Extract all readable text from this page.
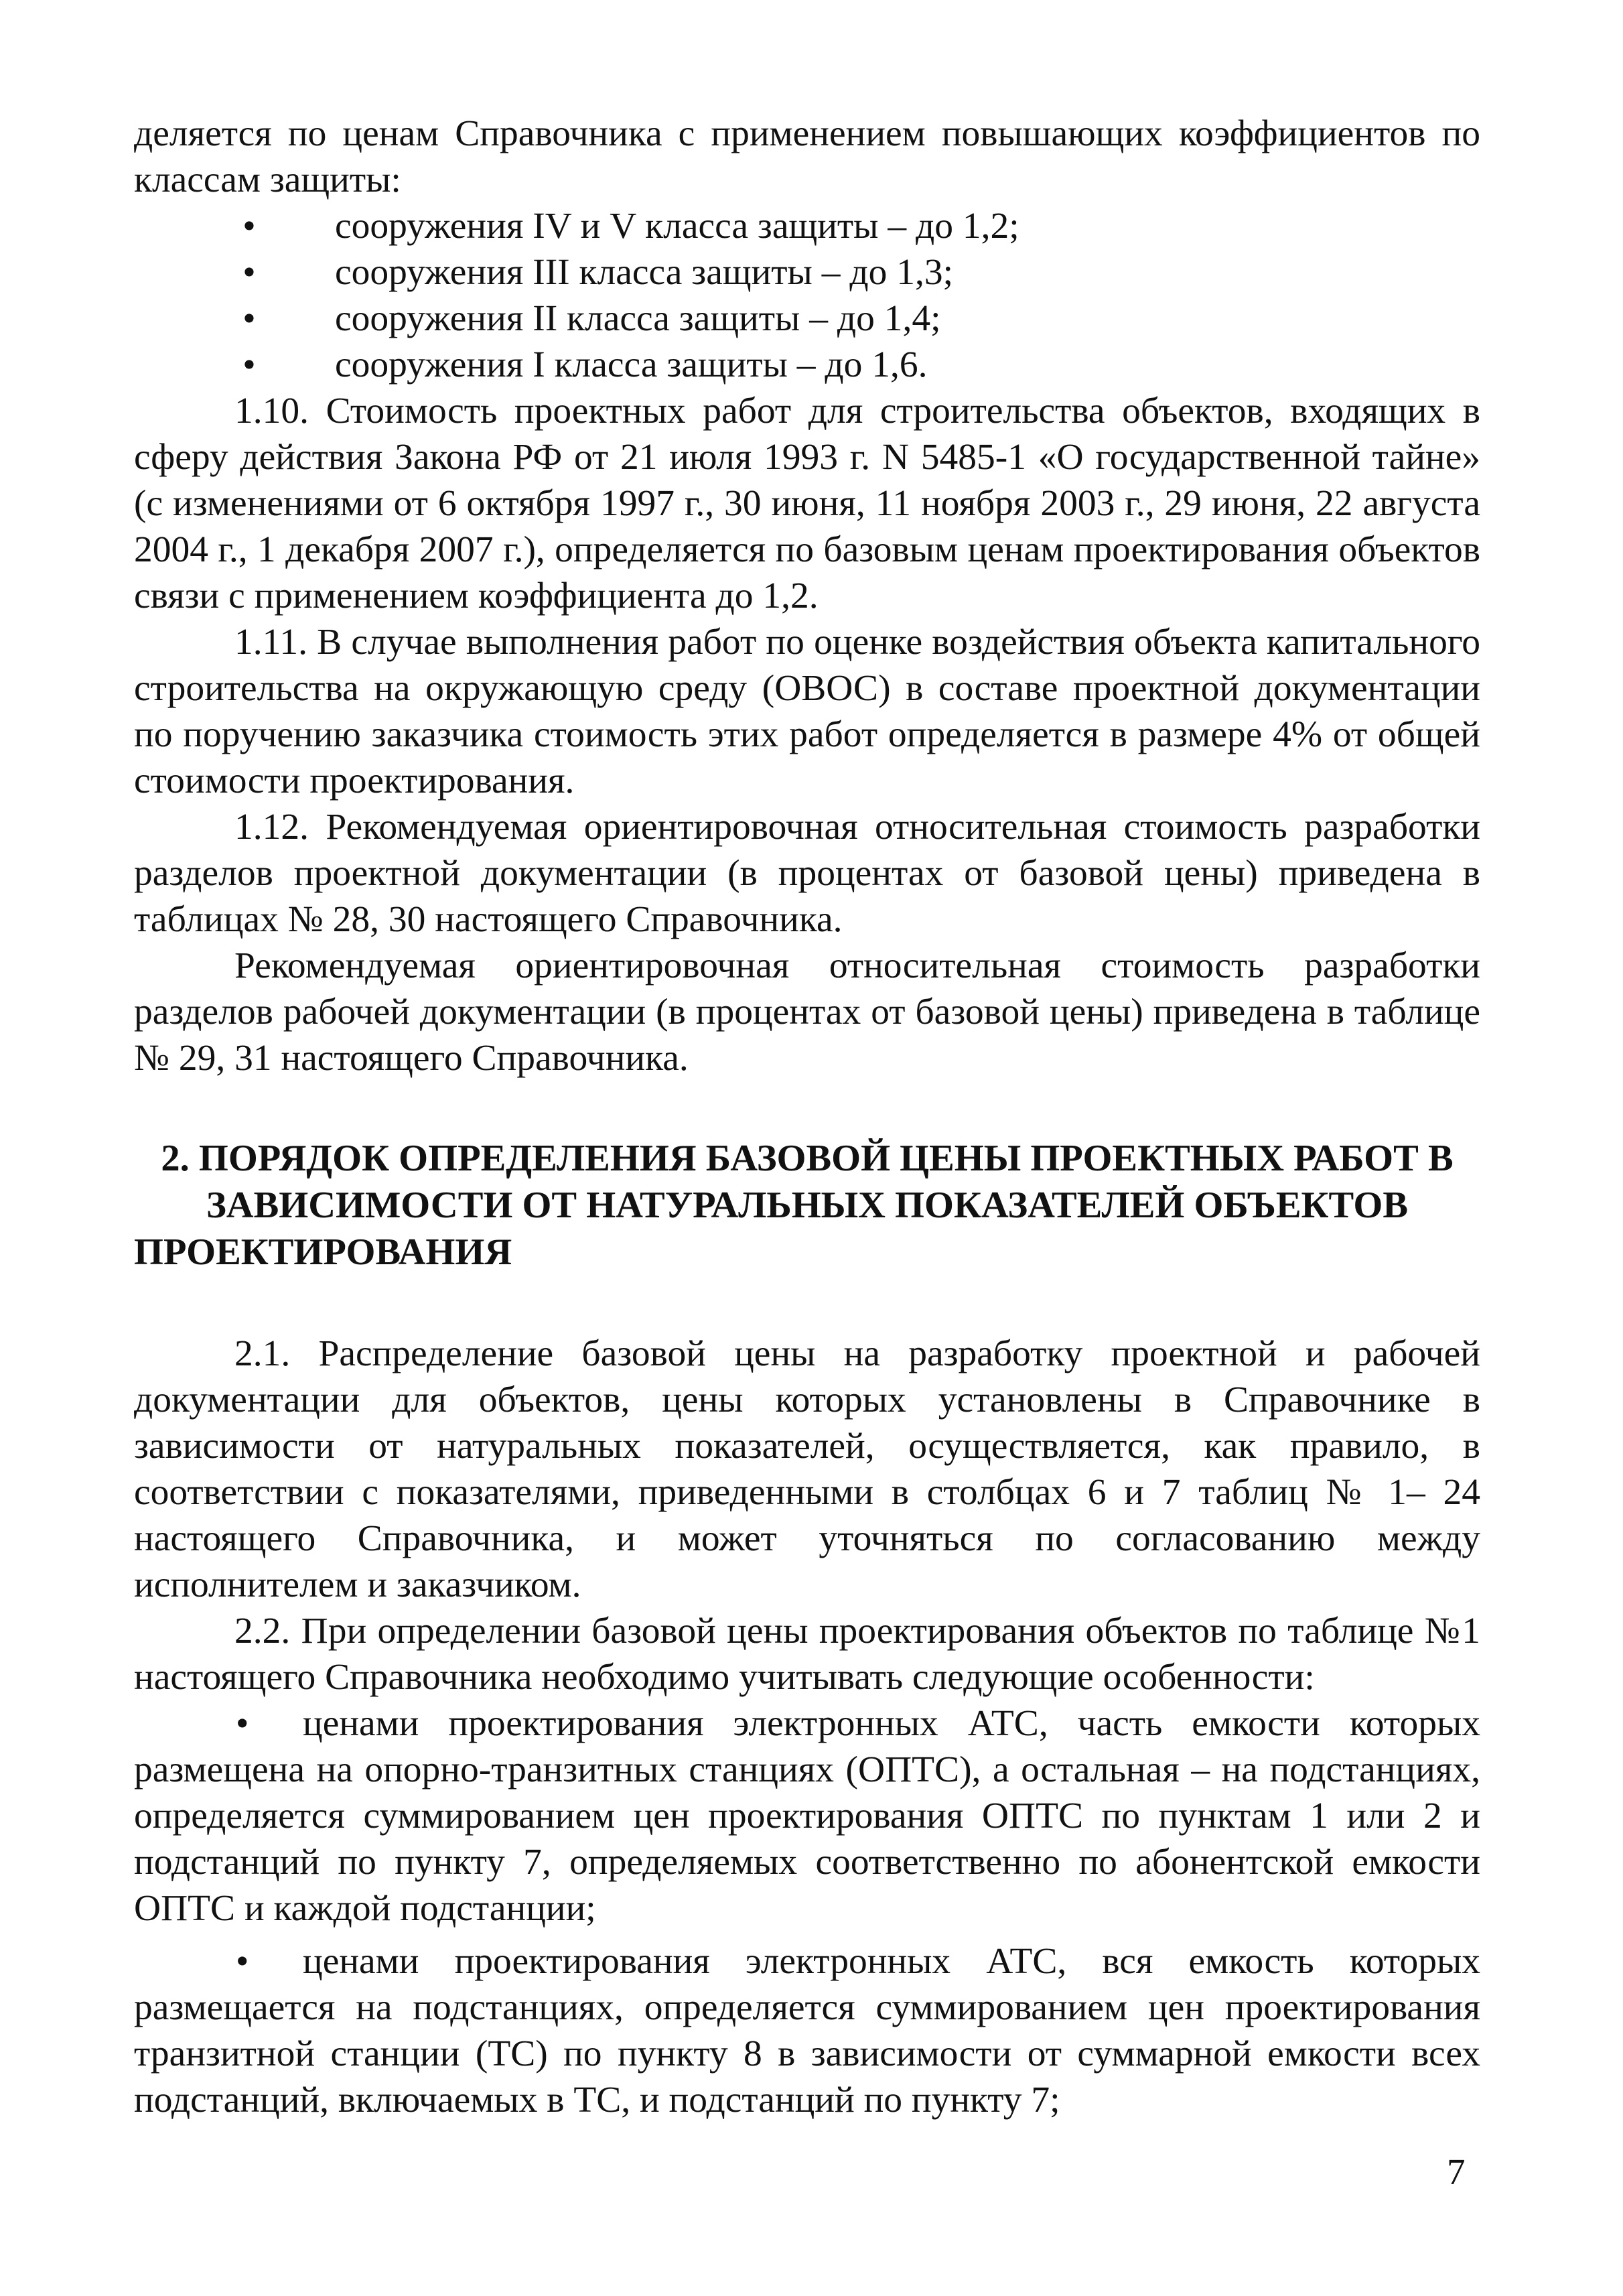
деляется по ценам Справочника с применением повышающих коэффициентов по классам защиты:

• сооружения IV и V класса защиты – до 1,2;
• сооружения III класса защиты – до 1,3;
• сооружения II класса защиты – до 1,4;
• сооружения I класса защиты – до 1,6.

1.10. Стоимость проектных работ для строительства объектов, входящих в сферу действия Закона РФ от 21 июля 1993 г. N 5485-1 «О государственной тайне» (с изменениями от 6 октября 1997 г., 30 июня, 11 ноября 2003 г., 29 июня, 22 августа 2004 г., 1 декабря 2007 г.), определяется по базовым ценам проектирования объектов связи с применением коэффициента до 1,2.

1.11. В случае выполнения работ по оценке воздействия объекта капитального строительства на окружающую среду (ОВОС) в составе проектной документации по поручению заказчика стоимость этих работ определяется в размере 4% от общей стоимости проектирования.

1.12. Рекомендуемая ориентировочная относительная стоимость разработки разделов проектной документации (в процентах от базовой цены) приведена в таблицах № 28, 30 настоящего Справочника.

Рекомендуемая ориентировочная относительная стоимость разработки разделов рабочей документации (в процентах от базовой цены) приведена в таблице № 29, 31 настоящего Справочника.

2. ПОРЯДОК ОПРЕДЕЛЕНИЯ БАЗОВОЙ ЦЕНЫ ПРОЕКТНЫХ РАБОТ В ЗАВИСИМОСТИ ОТ НАТУРАЛЬНЫХ ПОКАЗАТЕЛЕЙ ОБЪЕКТОВ ПРОЕКТИРОВАНИЯ

2.1. Распределение базовой цены на разработку проектной и рабочей документации для объектов, цены которых установлены в Справочнике в зависимости от натуральных показателей, осуществляется, как правило, в соответствии с показателями, приведенными в столбцах 6 и 7 таблиц № 1– 24 настоящего Справочника, и может уточняться по согласованию между исполнителем и заказчиком.

2.2. При определении базовой цены проектирования объектов по таблице №1 настоящего Справочника необходимо учитывать следующие особенности:

• ценами проектирования электронных АТС, часть емкости которых размещена на опорно-транзитных станциях (ОПТС), а остальная – на подстанциях, определяется суммированием цен проектирования ОПТС по пунктам 1 или 2 и подстанций по пункту 7, определяемых соответственно по абонентской емкости ОПТС и каждой подстанции;

• ценами проектирования электронных АТС, вся емкость которых размещается на подстанциях, определяется суммированием цен проектирования транзитной станции (ТС) по пункту 8 в зависимости от суммарной емкости всех подстанций, включаемых в ТС, и подстанций по пункту 7;

7
